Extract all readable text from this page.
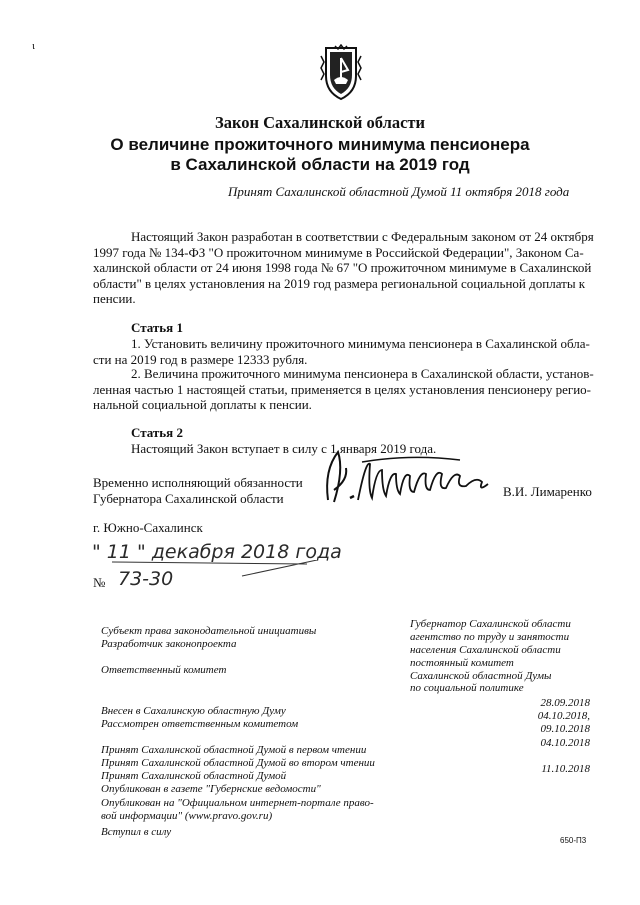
ι
Закон Сахалинской области
О величине прожиточного минимума пенсионера
в Сахалинской области на 2019 год
Принят Сахалинской областной Думой 11 октября 2018 года
Настоящий Закон разработан в соответствии с Федеральным законом от 24 октября
1997 года № 134-ФЗ "О прожиточном минимуме в Российской Федерации", Законом Са-
халинской области от 24 июня 1998 года № 67 "О прожиточном минимуме в Сахалинской
области" в целях установления на 2019 год размера региональной социальной доплаты к
пенсии.
Статья 1
1. Установить величину прожиточного минимума пенсионера в Сахалинской обла-
сти на 2019 год в размере 12333 рубля.
2. Величина прожиточного минимума пенсионера в Сахалинской области, установ-
ленная частью 1 настоящей статьи, применяется в целях установления пенсионеру регио-
нальной социальной доплаты к пенсии.
Статья 2
Настоящий Закон вступает в силу с 1 января 2019 года.
Временно исполняющий обязанности
Губернатора Сахалинской области	В.И. Лимаренко
г. Южно-Сахалинск
" 11 " декабря 2018 года
№ 73-30
Субъект права законодательной инициативы
Разработчик законопроекта
Ответственный комитет
Губернатор Сахалинской области
агентство по труду и занятости
населения Сахалинской области
постоянный комитет
Сахалинской областной Думы
по социальной политике
Внесен в Сахалинскую областную Думу
Рассмотрен ответственным комитетом
Принят Сахалинской областной Думой в первом чтении
Принят Сахалинской областной Думой во втором чтении
Принят Сахалинской областной Думой
Опубликован в газете "Губернские ведомости"
Опубликован на "Официальном интернет-портале право-
вой информации" (www.pravo.gov.ru)
Вступил в силу
28.09.2018
04.10.2018,
09.10.2018
04.10.2018
11.10.2018
650-П3
